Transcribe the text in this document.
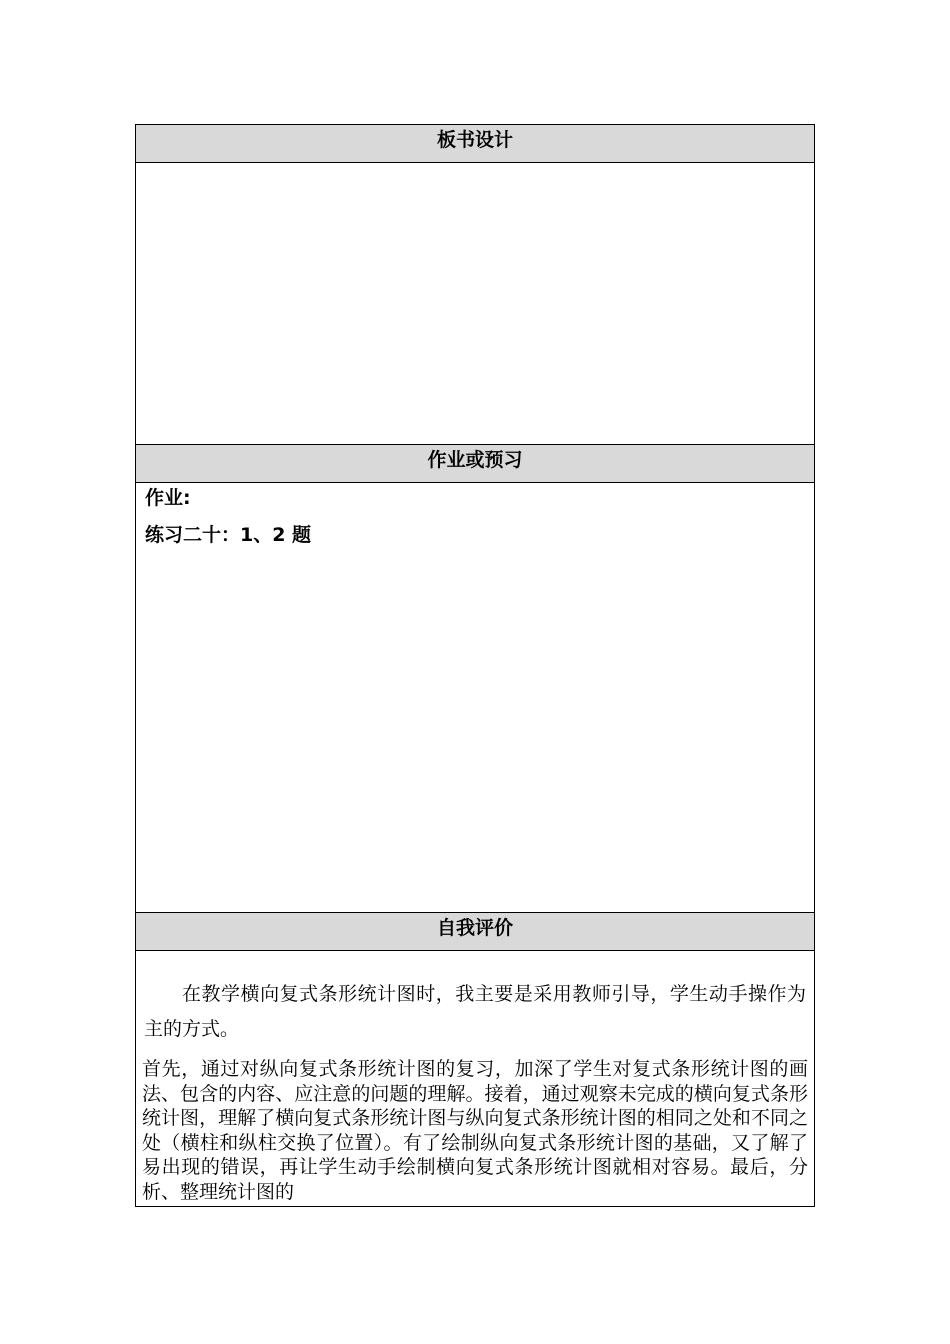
板书设计

作业或预习

作业:
练习二十：1、2 题

自我评价

在教学横向复式条形统计图时，我主要是采用教师引导，学生动手操作为主的方式。

首先，通过对纵向复式条形统计图的复习，加深了学生对复式条形统计图的画法、包含的内容、应注意的问题的理解。接着，通过观察未完成的横向复式条形统计图，理解了横向复式条形统计图与纵向复式条形统计图的相同之处和不同之处（横柱和纵柱交换了位置）。有了绘制纵向复式条形统计图的基础，又了解了易出现的错误，再让学生动手绘制横向复式条形统计图就相对容易。最后，分析、整理统计图的
